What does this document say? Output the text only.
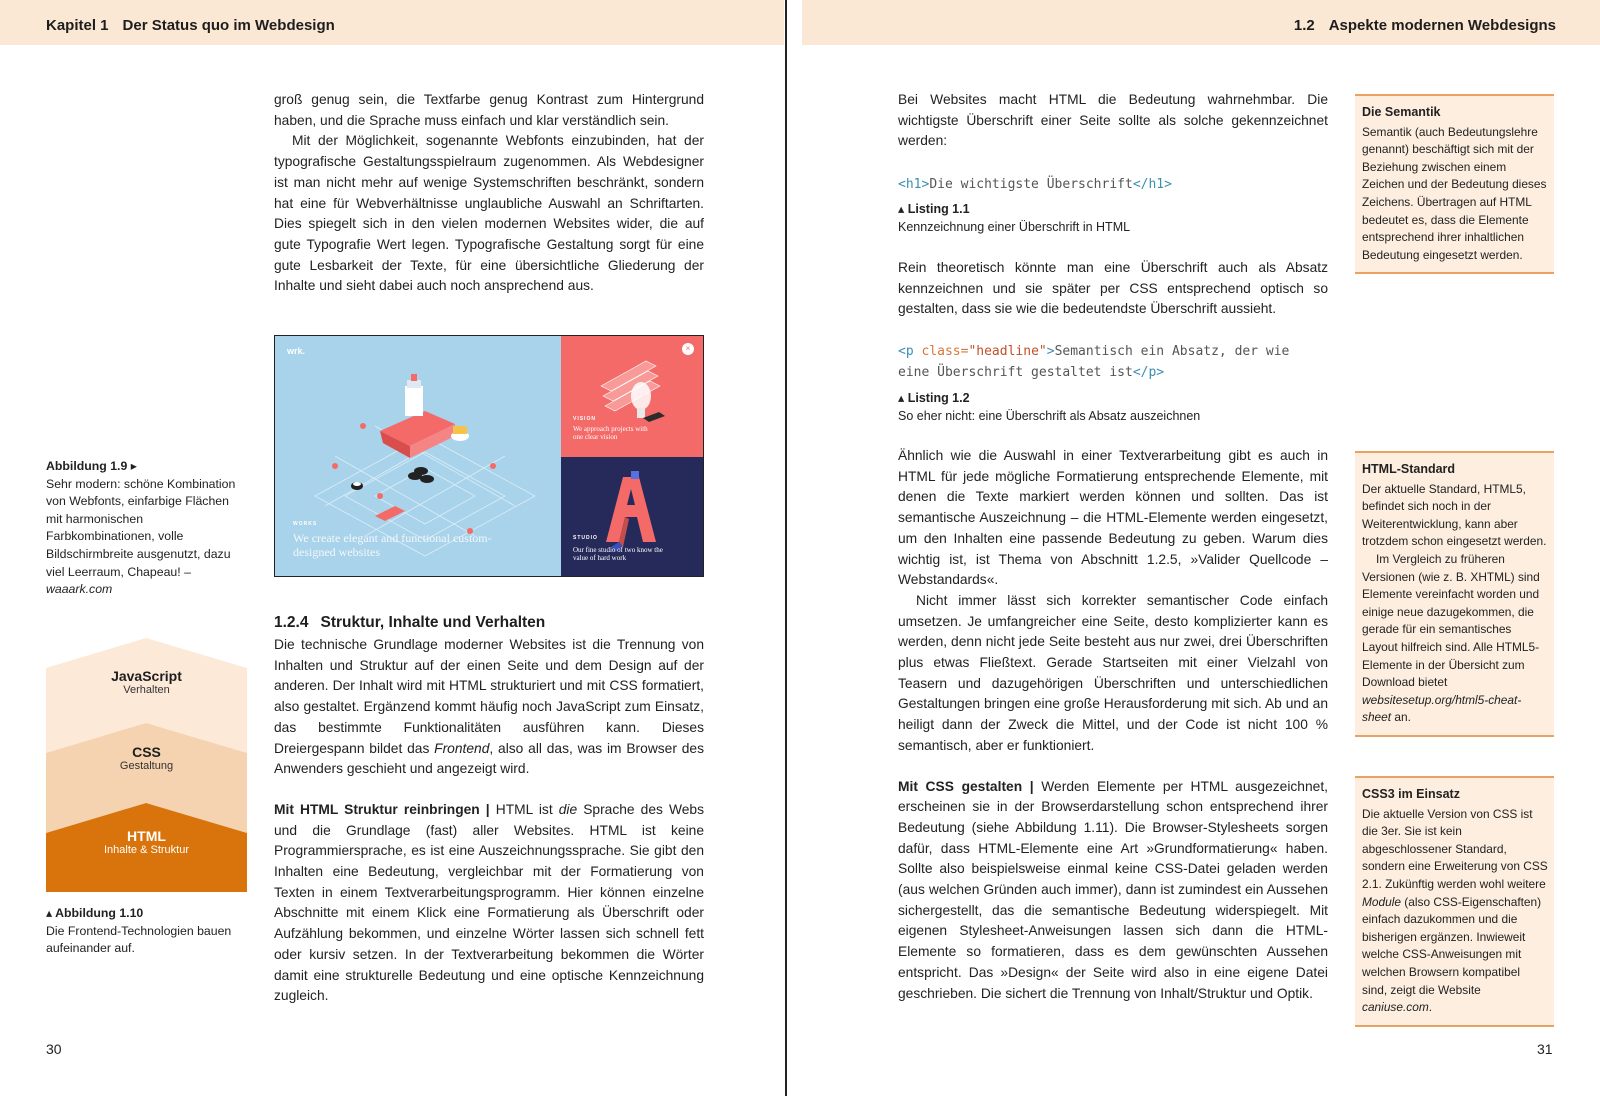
Kapitel 1 Der Status quo im Webdesign

groß genug sein, die Textfarbe genug Kontrast zum Hintergrund haben, und die Sprache muss einfach und klar verständlich sein.

Mit der Möglichkeit, sogenannte Webfonts einzubinden, hat der typografische Gestaltungsspielraum zugenommen. Als Webdesigner ist man nicht mehr auf wenige Systemschriften beschränkt, sondern hat eine für Webverhältnisse unglaubliche Auswahl an Schriftarten. Dies spiegelt sich in den vielen modernen Websites wider, die auf gute Typografie Wert legen. Typografische Gestaltung sorgt für eine gute Lesbarkeit der Texte, für eine übersichtliche Gliederung der Inhalte und sieht dabei auch noch ansprechend aus.

wrk.
WORKS
We create elegant and functional custom-designed websites
×
VISION
We approach projects with one clear vision
STUDIO
Our fine studio of two know the value of hard work
Abbildung 1.9 ▸
Sehr modern: schöne Kombination von Webfonts, einfarbige Flächen mit harmonischen Farbkombinationen, volle Bildschirmbreite ausgenutzt, dazu viel Leerraum, Chapeau! – waaark.com
1.2.4 Struktur, Inhalte und Verhalten

Die technische Grundlage moderner Websites ist die Trennung von Inhalten und Struktur auf der einen Seite und dem Design auf der anderen. Der Inhalt wird mit HTML strukturiert und mit CSS formatiert, also gestaltet. Ergänzend kommt häufig noch JavaScript zum Einsatz, das bestimmte Funktionalitäten ausführen kann. Dieses Dreiergespann bildet das Frontend, also all das, was im Browser des Anwenders geschieht und angezeigt wird.

Mit HTML Struktur reinbringen | HTML ist die Sprache des Webs und die Grundlage (fast) aller Websites. HTML ist keine Programmiersprache, es ist eine Auszeichnungssprache. Sie gibt den Inhalten eine Bedeutung, vergleichbar mit der Formatierung von Texten in einem Textverarbeitungsprogramm. Hier können einzelne Abschnitte mit einem Klick eine Formatierung als Überschrift oder Aufzählung bekommen, und einzelne Wörter lassen sich schnell fett oder kursiv setzen. In der Textverarbeitung bekommen die Wörter damit eine strukturelle Bedeutung und eine optische Kennzeichnung zugleich.

JavaScript
Verhalten
CSS
Gestaltung
HTML
Inhalte & Struktur
▴ Abbildung 1.10
Die Frontend-Technologien bauen aufeinander auf.
30
1.2 Aspekte modernen Webdesigns
Bei Websites macht HTML die Bedeutung wahrnehmbar. Die wichtigste Überschrift einer Seite sollte als solche gekennzeichnet werden:
<h1>Die wichtigste Überschrift</h1>
▴ Listing 1.1
Kennzeichnung einer Überschrift in HTML
Rein theoretisch könnte man eine Überschrift auch als Absatz kennzeichnen und sie später per CSS entsprechend optisch so gestalten, dass sie wie die bedeutendste Überschrift aussieht.
<p class="headline">Semantisch ein Absatz, der wie
eine Überschrift gestaltet ist</p>
▴ Listing 1.2
So eher nicht: eine Überschrift als Absatz auszeichnen

Ähnlich wie die Auswahl in einer Textverarbeitung gibt es auch in HTML für jede mögliche Formatierung entsprechende Elemente, mit denen die Texte markiert werden können und sollten. Das ist semantische Auszeichnung – die HTML-Elemente werden eingesetzt, um den Inhalten eine passende Bedeutung zu geben. Warum dies wichtig ist, ist Thema von Abschnitt 1.2.5, »Valider Quellcode – Webstandards«.

Nicht immer lässt sich korrekter semantischer Code einfach umsetzen. Je umfangreicher eine Seite, desto komplizierter kann es werden, denn nicht jede Seite besteht aus nur zwei, drei Überschriften plus etwas Fließtext. Gerade Startseiten mit einer Vielzahl von Teasern und dazugehörigen Überschriften und unterschiedlichen Gestaltungen bringen eine große Herausforderung mit sich. Ab und an heiligt dann der Zweck die Mittel, und der Code ist nicht 100 % semantisch, aber er funktioniert.

Mit CSS gestalten | Werden Elemente per HTML ausgezeichnet, erscheinen sie in der Browserdarstellung schon entsprechend ihrer Bedeutung (siehe Abbildung 1.11). Die Browser-Stylesheets sorgen dafür, dass HTML-Elemente eine Art »Grundformatierung« haben. Sollte also beispielsweise einmal keine CSS-Datei geladen werden (aus welchen Gründen auch immer), dann ist zumindest ein Aussehen sichergestellt, das die semantische Bedeutung widerspiegelt. Mit eigenen Stylesheet-Anweisungen lassen sich dann die HTML-Elemente so formatieren, dass es dem gewünschten Aussehen entspricht. Das »Design« der Seite wird also in eine eigene Datei geschrieben. Die sichert die Trennung von Inhalt/Struktur und Optik.

Die Semantik

Semantik (auch Bedeutungslehre genannt) beschäftigt sich mit der Beziehung zwischen einem Zeichen und der Bedeutung dieses Zeichens. Übertragen auf HTML bedeutet es, dass die Elemente entsprechend ihrer inhaltlichen Bedeutung eingesetzt werden.

HTML-Standard

Der aktuelle Standard, HTML5, befindet sich noch in der Weiterentwicklung, kann aber trotzdem schon eingesetzt werden.

Im Vergleich zu früheren Versionen (wie z. B. XHTML) sind Elemente vereinfacht worden und einige neue dazugekommen, die gerade für ein semantisches Layout hilfreich sind. Alle HTML5-Elemente in der Übersicht zum Download bietet websitesetup.org/html5-cheat-sheet an.

CSS3 im Einsatz

Die aktuelle Version von CSS ist die 3er. Sie ist kein abgeschlossener Standard, sondern eine Erweiterung von CSS 2.1. Zukünftig werden wohl weitere Module (also CSS-Eigenschaften) einfach dazukommen und die bisherigen ergänzen. Inwieweit welche CSS-Anweisungen mit welchen Browsern kompatibel sind, zeigt die Website caniuse.com.

31
